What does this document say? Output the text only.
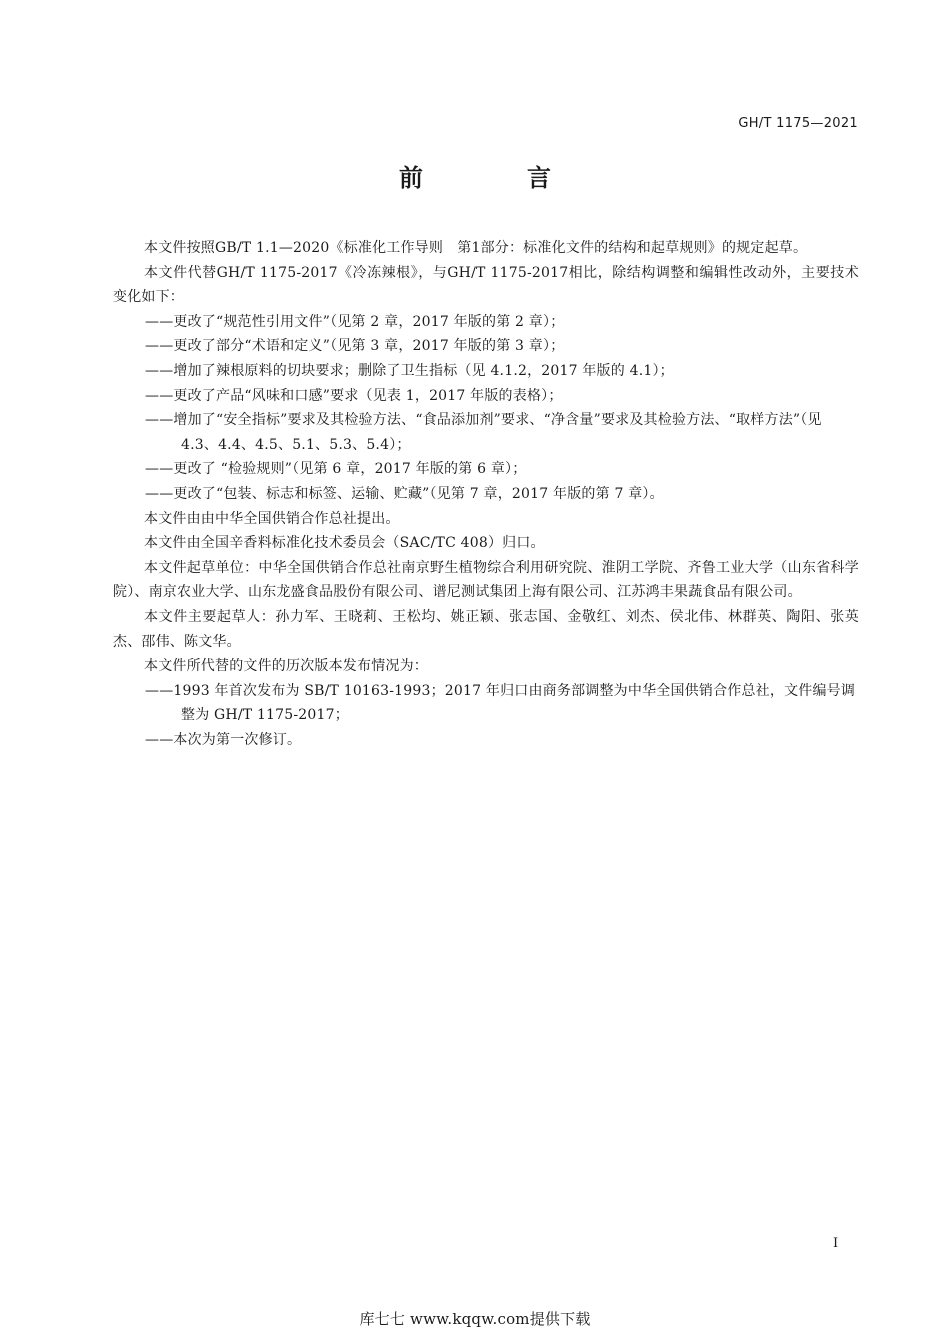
GH/T 1175—2021
前　言
本文件按照GB/T 1.1—2020《标准化工作导则　第1部分：标准化文件的结构和起草规则》的规定起草。
本文件代替GH/T 1175-2017《冷冻辣根》，与GH/T 1175-2017相比，除结构调整和编辑性改动外，主要技术变化如下：
——更改了“规范性引用文件”（见第 2 章，2017 年版的第 2 章）；
——更改了部分“术语和定义”（见第 3 章，2017 年版的第 3 章）；
——增加了辣根原料的切块要求；删除了卫生指标（见 4.1.2，2017 年版的 4.1）；
——更改了产品“风味和口感”要求（见表 1，2017 年版的表格）；
——增加了“安全指标”要求及其检验方法、“食品添加剂”要求、“净含量”要求及其检验方法、“取样方法”（见 4.3、4.4、4.5、5.1、5.3、5.4）；
——更改了 “检验规则”（见第 6 章，2017 年版的第 6 章）；
——更改了“包装、标志和标签、运输、贮藏”（见第 7 章，2017 年版的第 7 章）。
本文件由由中华全国供销合作总社提出。
本文件由全国辛香料标准化技术委员会（SAC/TC 408）归口。
本文件起草单位：中华全国供销合作总社南京野生植物综合利用研究院、淮阴工学院、齐鲁工业大学（山东省科学院）、南京农业大学、山东龙盛食品股份有限公司、谱尼测试集团上海有限公司、江苏鸿丰果蔬食品有限公司。
本文件主要起草人：孙力军、王晓莉、王松均、姚正颖、张志国、金敬红、刘杰、侯北伟、林群英、陶阳、张英杰、邵伟、陈文华。
本文件所代替的文件的历次版本发布情况为：
——1993 年首次发布为 SB/T 10163-1993；2017 年归口由商务部调整为中华全国供销合作总社，文件编号调整为 GH/T 1175-2017；
——本次为第一次修订。
I
库七七 www.kqqw.com提供下载
